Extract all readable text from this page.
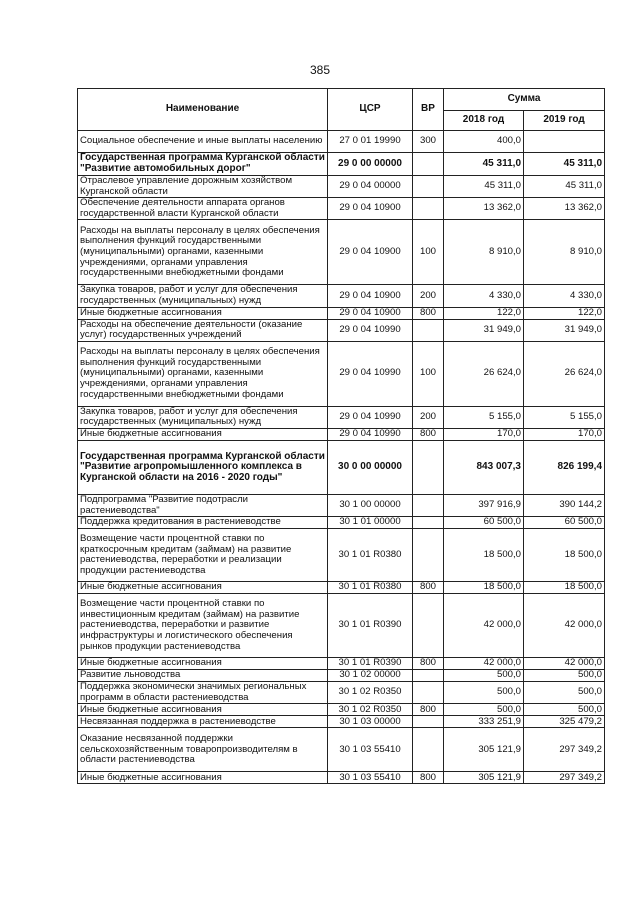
385
Наименование	ЦСР	ВР	Сумма	
			2018 год	2019 год
Социальное обеспечение и иные выплаты населению	27 0 01 19990	300	400,0	
Государственная программа Курганской области "Развитие автомобильных дорог"	29 0 00 00000		45 311,0	45 311,0
Отраслевое управление дорожным хозяйством Курганской области	29 0 04 00000		45 311,0	45 311,0
Обеспечение деятельности аппарата органов государственной власти Курганской области	29 0 04 10900		13 362,0	13 362,0
Расходы на выплаты персоналу в целях обеспечения выполнения функций государственными (муниципальными) органами, казенными учреждениями, органами управления государственными внебюджетными фондами	29 0 04 10900	100	8 910,0	8 910,0
Закупка товаров, работ и услуг для обеспечения государственных (муниципальных) нужд	29 0 04 10900	200	4 330,0	4 330,0
Иные бюджетные ассигнования	29 0 04 10900	800	122,0	122,0
Расходы на обеспечение деятельности (оказание услуг) государственных учреждений	29 0 04 10990		31 949,0	31 949,0
Расходы на выплаты персоналу в целях обеспечения выполнения функций государственными (муниципальными) органами, казенными учреждениями, органами управления государственными внебюджетными фондами	29 0 04 10990	100	26 624,0	26 624,0
Закупка товаров, работ и услуг для обеспечения государственных (муниципальных) нужд	29 0 04 10990	200	5 155,0	5 155,0
Иные бюджетные ассигнования	29 0 04 10990	800	170,0	170,0
Государственная программа Курганской области "Развитие агропромышленного комплекса в Курганской области на 2016 - 2020 годы"	30 0 00 00000		843 007,3	826 199,4
Подпрограмма "Развитие подотрасли растениеводства"	30 1 00 00000		397 916,9	390 144,2
Поддержка кредитования в растениеводстве	30 1 01 00000		60 500,0	60 500,0
Возмещение части процентной ставки по краткосрочным кредитам (займам) на развитие растениеводства, переработки и реализации продукции растениеводства	30 1 01 R0380		18 500,0	18 500,0
Иные бюджетные ассигнования	30 1 01 R0380	800	18 500,0	18 500,0
Возмещение части процентной ставки по инвестиционным кредитам (займам) на развитие растениеводства, переработки и развитие инфраструктуры и логистического обеспечения рынков продукции растениеводства	30 1 01 R0390		42 000,0	42 000,0
Иные бюджетные ассигнования	30 1 01 R0390	800	42 000,0	42 000,0
Развитие льноводства	30 1 02 00000		500,0	500,0
Поддержка экономически значимых региональных программ в области растениеводства	30 1 02 R0350		500,0	500,0
Иные бюджетные ассигнования	30 1 02 R0350	800	500,0	500,0
Несвязанная поддержка в растениеводстве	30 1 03 00000		333 251,9	325 479,2
Оказание несвязанной поддержки сельскохозяйственным товаропроизводителям в области растениеводства	30 1 03 55410		305 121,9	297 349,2
Иные бюджетные ассигнования	30 1 03 55410	800	305 121,9	297 349,2
